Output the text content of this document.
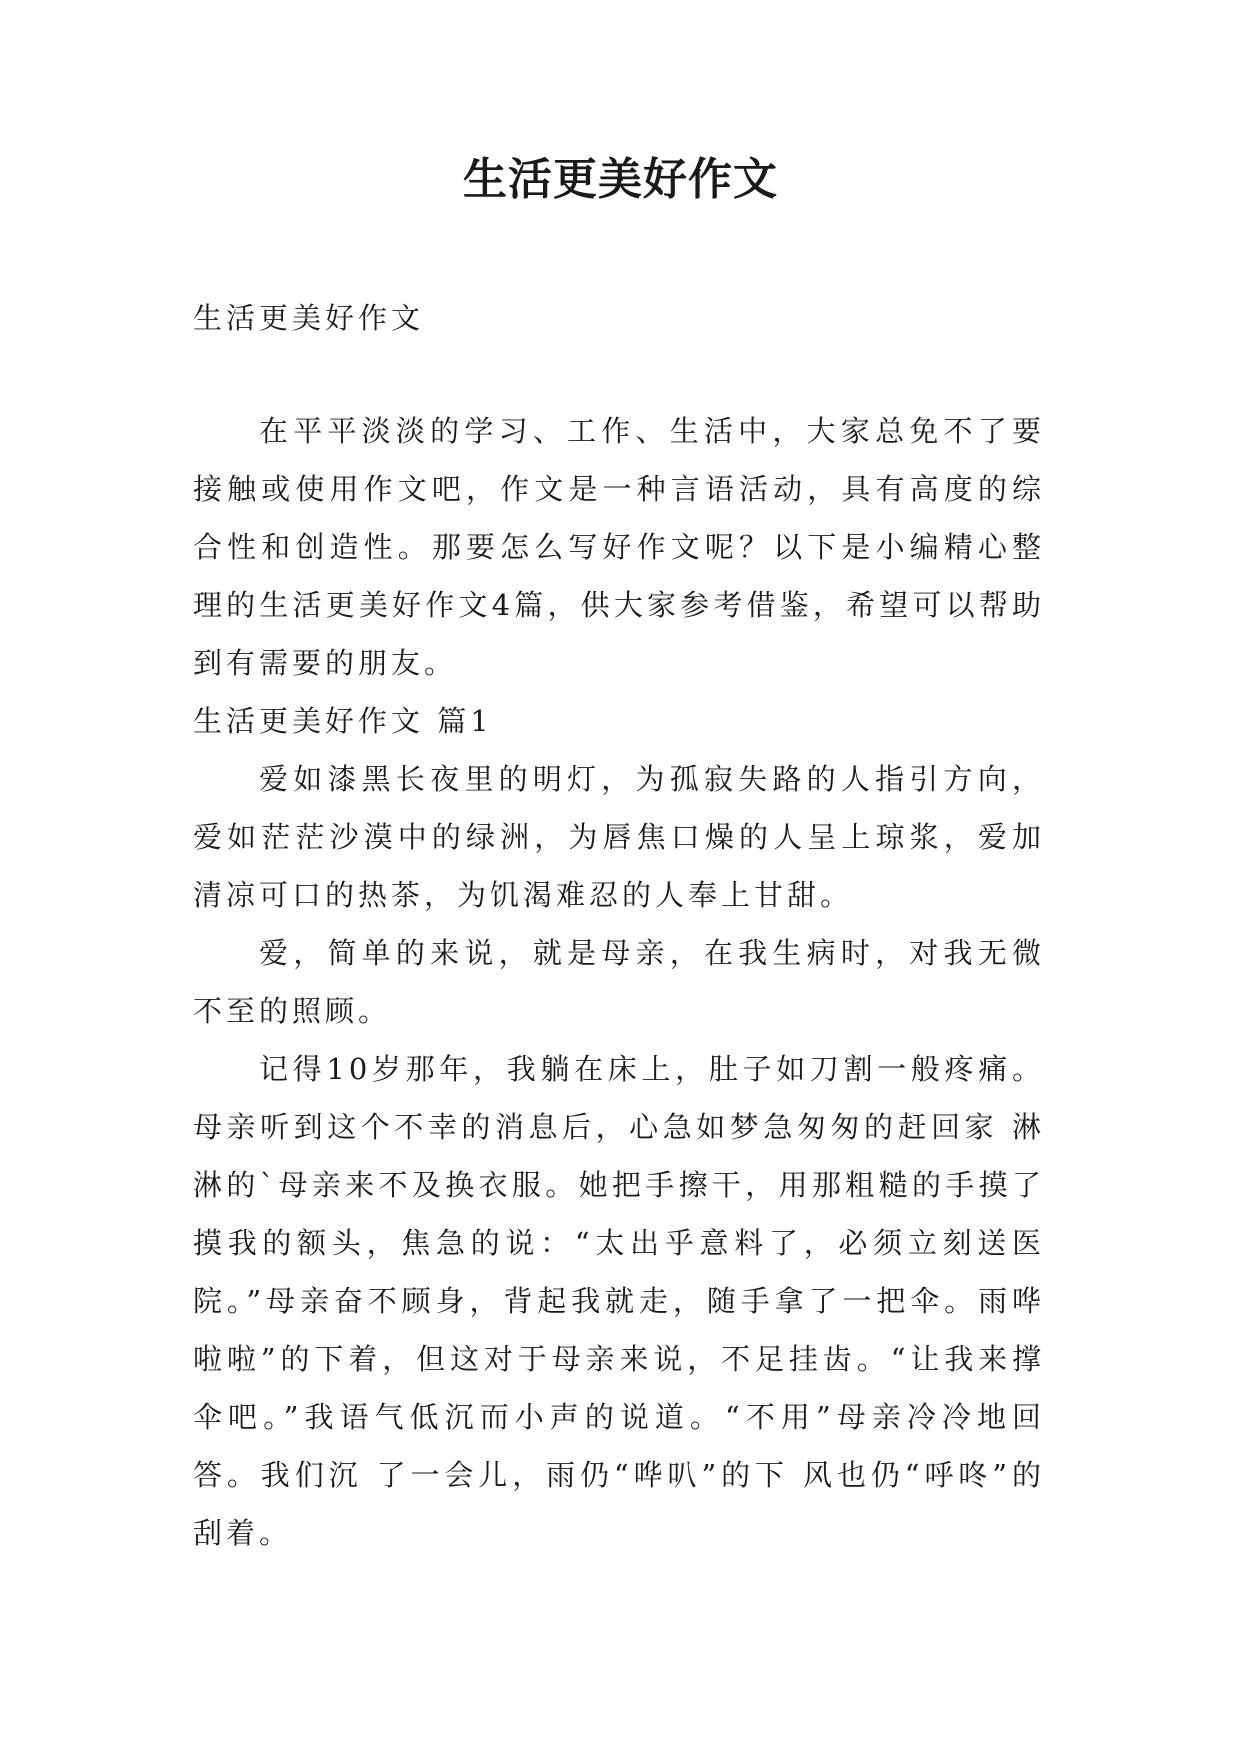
生活更美好作文
生活更美好作文

在平平淡淡的学习、工作、生活中，大家总免不了要接触或使用作文吧，作文是一种言语活动，具有高度的综合性和创造性。那要怎么写好作文呢？以下是小编精心整理的生活更美好作文4篇，供大家参考借鉴，希望可以帮助到有需要的朋友。

生活更美好作文 篇1

爱如漆黑长夜里的明灯，为孤寂失路的人指引方向，爱如茫茫沙漠中的绿洲，为唇焦口燥的人呈上琼浆，爱加清凉可口的热茶，为饥渴难忍的人奉上甘甜。

爱，简单的来说，就是母亲，在我生病时，对我无微不至的照顾。

记得10岁那年，我躺在床上，肚子如刀割一般疼痛。母亲听到这个不幸的消息后，心急如梦急匆匆的赶回家 淋淋的`母亲来不及换衣服。她把手擦干，用那粗糙的手摸了摸我的额头，焦急的说：“太出乎意料了，必须立刻送医院。”母亲奋不顾身，背起我就走，随手拿了一把伞。雨哗啦啦”的下着，但这对于母亲来说，不足挂齿。“让我来撑伞吧。”我语气低沉而小声的说道。“不用”母亲冷冷地回答。我们沉 了一会儿，雨仍“哗叭”的下 风也仍“呼咚”的刮着。
